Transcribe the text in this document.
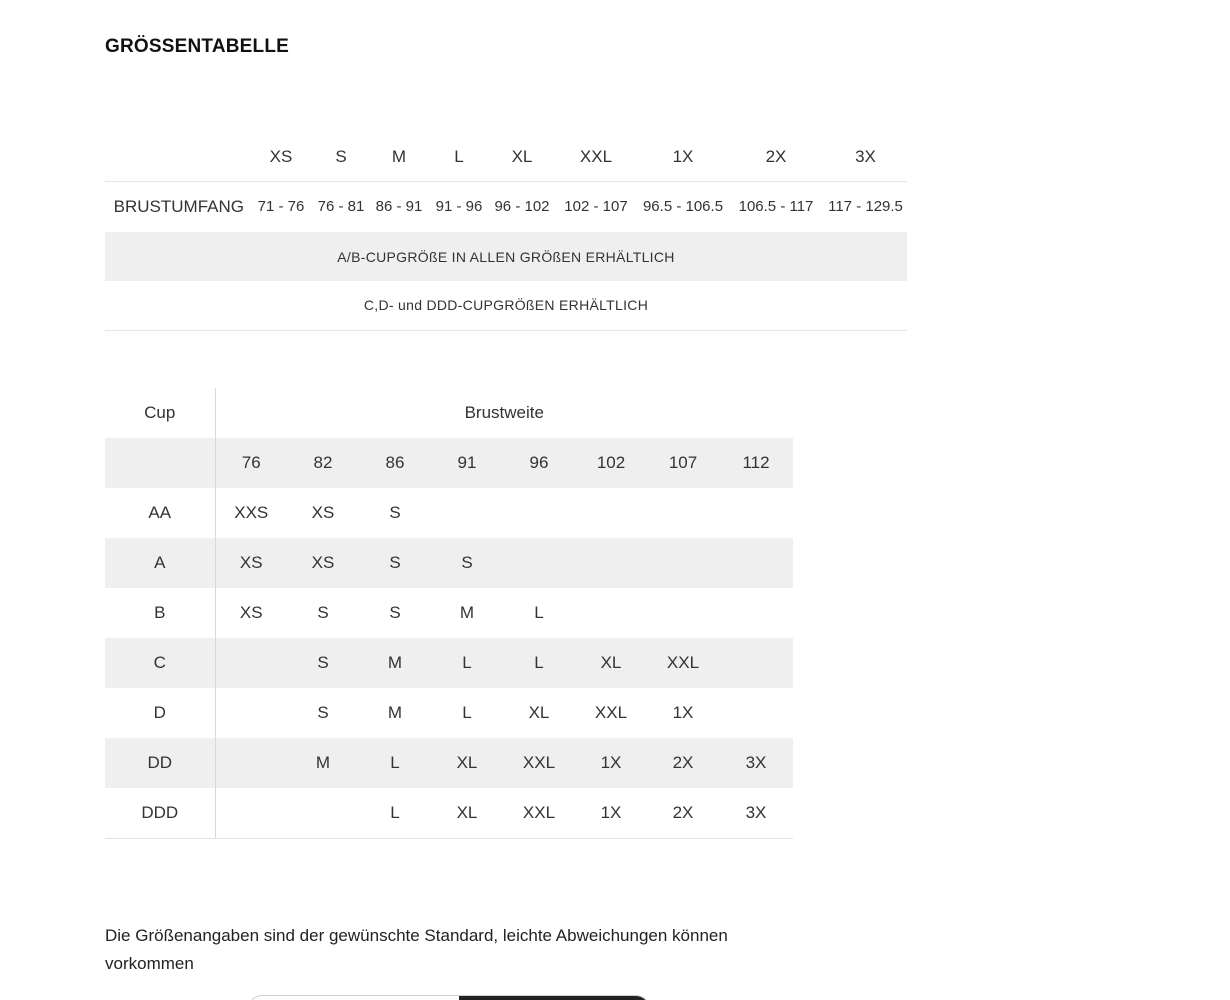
GRÖSSENTABELLE
	XS	S	M	L	XL	XXL	1X	2X	3X
BRUSTUMFANG	71 - 76	76 - 81	86 - 91	91 - 96	96 - 102	102 - 107	96.5 - 106.5	106.5 - 117	117 - 129.5
A/B-CUPGRÖßE IN ALLEN GRÖßEN ERHÄLTLICH									
C,D- und DDD-CUPGRÖßEN ERHÄLTLICH									
Cup	Brustweite							
	76	82	86	91	96	102	107	112
AA	XXS	XS	S					
A	XS	XS	S	S				
B	XS	S	S	M	L			
C		S	M	L	L	XL	XXL	
D		S	M	L	XL	XXL	1X	
DD		M	L	XL	XXL	1X	2X	3X
DDD			L	XL	XXL	1X	2X	3X
Die Größenangaben sind der gewünschte Standard, leichte Abweichungen können vorkommen
